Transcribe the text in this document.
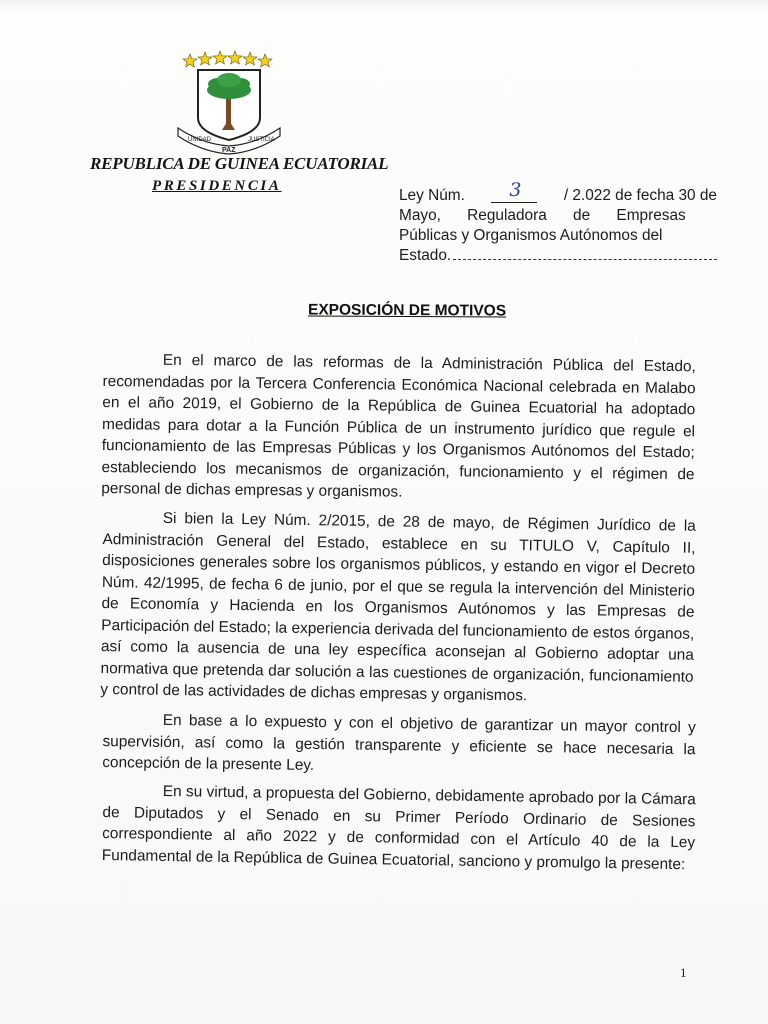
UNIDAD
PAZ
JUSTICIA
REPUBLICA DE GUINEA ECUATORIAL
PRESIDENCIA
Ley Núm. 3	/ 2.022 de fecha 30 de
Mayo, Reguladora de Empresas
Públicas y Organismos Autónomos del
Estado.
EXPOSICIÓN DE MOTIVOS

En el marco de las reformas de la Administración Pública del Estado, recomendadas por la Tercera Conferencia Económica Nacional celebrada en Malabo en el año 2019, el Gobierno de la República de Guinea Ecuatorial ha adoptado medidas para dotar a la Función Pública de un instrumento jurídico que regule el funcionamiento de las Empresas Públicas y los Organismos Autónomos del Estado; estableciendo los mecanismos de organización, funcionamiento y el régimen de personal de dichas empresas y organismos.

Si bien la Ley Núm. 2/2015, de 28 de mayo, de Régimen Jurídico de la Administración General del Estado, establece en su TITULO V, Capítulo II, disposiciones generales sobre los organismos públicos, y estando en vigor el Decreto Núm. 42/1995, de fecha 6 de junio, por el que se regula la intervención del Ministerio de Economía y Hacienda en los Organismos Autónomos y las Empresas de Participación del Estado; la experiencia derivada del funcionamiento de estos órganos, así como la ausencia de una ley específica aconsejan al Gobierno adoptar una normativa que pretenda dar solución a las cuestiones de organización, funcionamiento y control de las actividades de dichas empresas y organismos.

En base a lo expuesto y con el objetivo de garantizar un mayor control y supervisión, así como la gestión transparente y eficiente se hace necesaria la concepción de la presente Ley.

En su virtud, a propuesta del Gobierno, debidamente aprobado por la Cámara de Diputados y el Senado en su Primer Período Ordinario de Sesiones correspondiente al año 2022 y de conformidad con el Artículo 40 de la Ley Fundamental de la República de Guinea Ecuatorial, sanciono y promulgo la presente:

1
